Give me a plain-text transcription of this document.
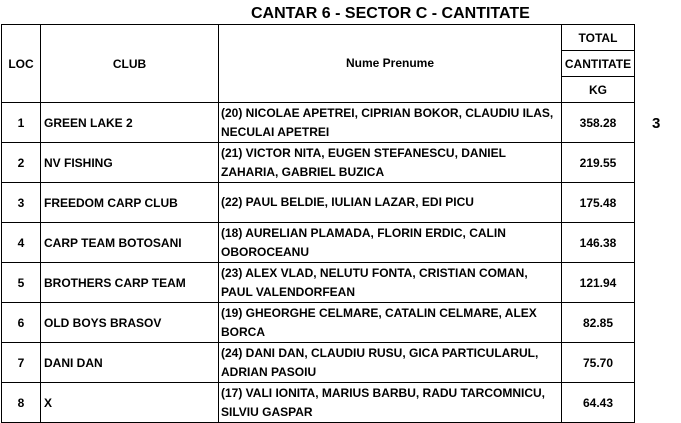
CANTAR 6 - SECTOR C - CANTITATE
LOC	CLUB	Nume Prenume	TOTAL
			CANTITATE
			KG
1	GREEN LAKE 2	(20) NICOLAE APETREI, CIPRIAN BOKOR, CLAUDIU ILAS, NECULAI APETREI	358.28
2	NV FISHING	(21) VICTOR NITA, EUGEN STEFANESCU, DANIEL ZAHARIA, GABRIEL BUZICA	219.55
3	FREEDOM CARP CLUB	(22) PAUL BELDIE, IULIAN LAZAR, EDI PICU	175.48
4	CARP TEAM BOTOSANI	(18) AURELIAN PLAMADA, FLORIN ERDIC, CALIN OBOROCEANU	146.38
5	BROTHERS CARP TEAM	(23) ALEX VLAD, NELUTU FONTA, CRISTIAN COMAN, PAUL VALENDORFEAN	121.94
6	OLD BOYS BRASOV	(19) GHEORGHE CELMARE, CATALIN CELMARE, ALEX BORCA	82.85
7	DANI DAN	(24) DANI DAN, CLAUDIU RUSU, GICA PARTICULARUL, ADRIAN PASOIU	75.70
8	X	(17) VALI IONITA, MARIUS BARBU, RADU TARCOMNICU, SILVIU GASPAR	64.43
3
